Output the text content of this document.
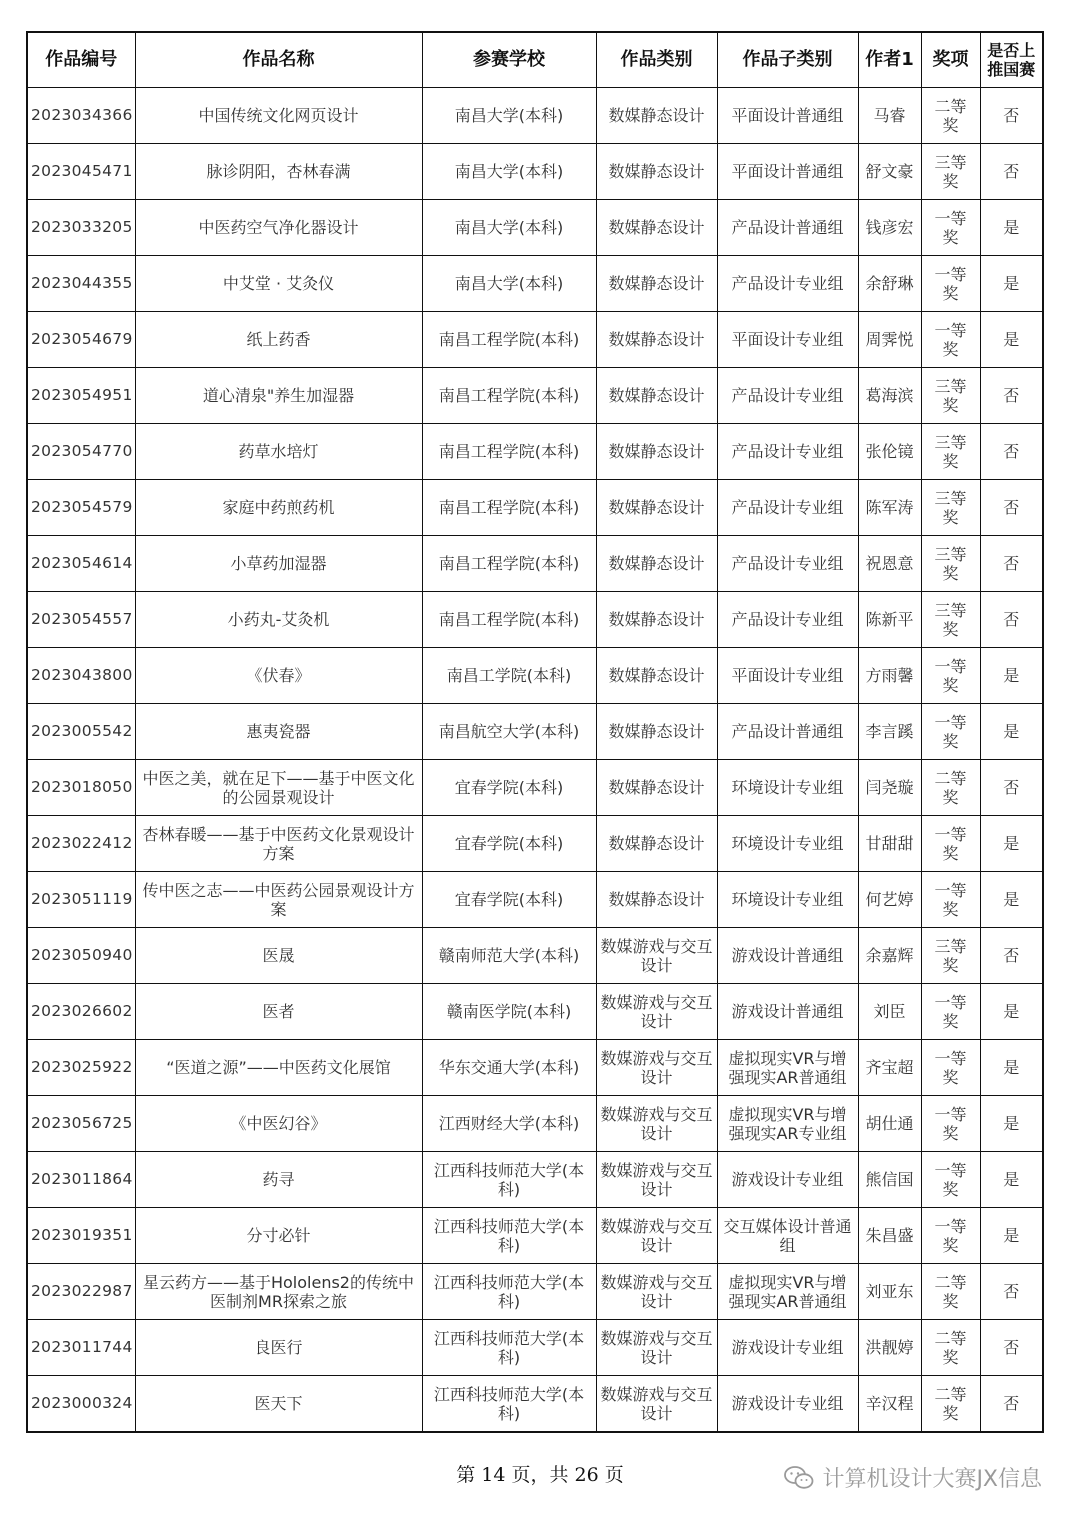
作品编号	作品名称	参赛学校	作品类别	作品子类别	作者1	奖项	是否上推国赛
2023034366	中国传统文化网页设计	南昌大学(本科)	数媒静态设计	平面设计普通组	马睿	二等奖	否
2023045471	脉诊阴阳，杏林春满	南昌大学(本科)	数媒静态设计	平面设计普通组	舒文豪	三等奖	否
2023033205	中医药空气净化器设计	南昌大学(本科)	数媒静态设计	产品设计普通组	钱彦宏	一等奖	是
2023044355	中艾堂 · 艾灸仪	南昌大学(本科)	数媒静态设计	产品设计专业组	余舒琳	一等奖	是
2023054679	纸上药香	南昌工程学院(本科)	数媒静态设计	平面设计专业组	周霁悦	一等奖	是
2023054951	道心清泉"养生加湿器	南昌工程学院(本科)	数媒静态设计	产品设计专业组	葛海滨	三等奖	否
2023054770	药草水培灯	南昌工程学院(本科)	数媒静态设计	产品设计专业组	张伦镜	三等奖	否
2023054579	家庭中药煎药机	南昌工程学院(本科)	数媒静态设计	产品设计专业组	陈军涛	三等奖	否
2023054614	小草药加湿器	南昌工程学院(本科)	数媒静态设计	产品设计专业组	祝恩意	三等奖	否
2023054557	小药丸-艾灸机	南昌工程学院(本科)	数媒静态设计	产品设计专业组	陈新平	三等奖	否
2023043800	《伏春》	南昌工学院(本科)	数媒静态设计	平面设计专业组	方雨馨	一等奖	是
2023005542	惠夷瓷器	南昌航空大学(本科)	数媒静态设计	产品设计普通组	李言蹊	一等奖	是
2023018050	中医之美，就在足下——基于中医文化的公园景观设计	宜春学院(本科)	数媒静态设计	环境设计专业组	闫尧璇	二等奖	否
2023022412	杏林春暖——基于中医药文化景观设计方案	宜春学院(本科)	数媒静态设计	环境设计专业组	甘甜甜	一等奖	是
2023051119	传中医之志——中医药公园景观设计方案	宜春学院(本科)	数媒静态设计	环境设计专业组	何艺婷	一等奖	是
2023050940	医晟	赣南师范大学(本科)	数媒游戏与交互设计	游戏设计普通组	余嘉辉	三等奖	否
2023026602	医者	赣南医学院(本科)	数媒游戏与交互设计	游戏设计普通组	刘臣	一等奖	是
2023025922	“医道之源”——中医药文化展馆	华东交通大学(本科)	数媒游戏与交互设计	虚拟现实VR与增强现实AR普通组	齐宝超	一等奖	是
2023056725	《中医幻谷》	江西财经大学(本科)	数媒游戏与交互设计	虚拟现实VR与增强现实AR专业组	胡仕通	一等奖	是
2023011864	药寻	江西科技师范大学(本科)	数媒游戏与交互设计	游戏设计专业组	熊信国	一等奖	是
2023019351	分寸必针	江西科技师范大学(本科)	数媒游戏与交互设计	交互媒体设计普通组	朱昌盛	一等奖	是
2023022987	星云药方——基于Hololens2的传统中医制剂MR探索之旅	江西科技师范大学(本科)	数媒游戏与交互设计	虚拟现实VR与增强现实AR普通组	刘亚东	二等奖	否
2023011744	良医行	江西科技师范大学(本科)	数媒游戏与交互设计	游戏设计专业组	洪靓婷	二等奖	否
2023000324	医天下	江西科技师范大学(本科)	数媒游戏与交互设计	游戏设计专业组	辛汉程	二等奖	否
第 14 页，共 26 页	计算机设计大赛JX信息
